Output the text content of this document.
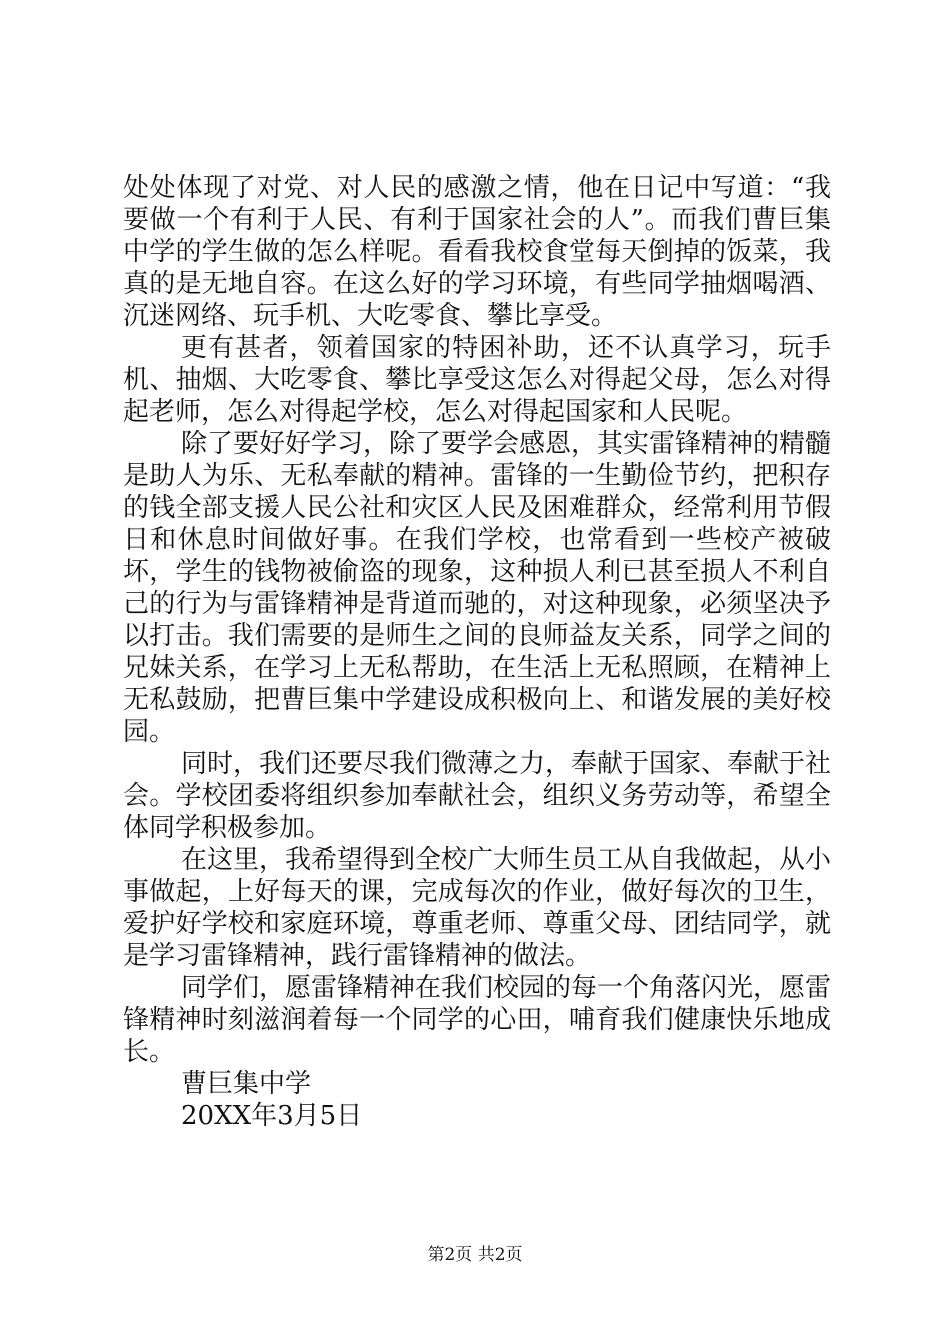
处处体现了对党、对人民的感激之情，他在日记中写道：“我要做一个有利于人民、有利于国家社会的人”。而我们曹巨集中学的学生做的怎么样呢。看看我校食堂每天倒掉的饭菜，我真的是无地自容。在这么好的学习环境，有些同学抽烟喝酒、沉迷网络、玩手机、大吃零食、攀比享受。

更有甚者，领着国家的特困补助，还不认真学习，玩手机、抽烟、大吃零食、攀比享受这怎么对得起父母，怎么对得起老师，怎么对得起学校，怎么对得起国家和人民呢。

除了要好好学习，除了要学会感恩，其实雷锋精神的精髓是助人为乐、无私奉献的精神。雷锋的一生勤俭节约，把积存的钱全部支援人民公社和灾区人民及困难群众，经常利用节假日和休息时间做好事。在我们学校，也常看到一些校产被破坏，学生的钱物被偷盗的现象，这种损人利已甚至损人不利自己的行为与雷锋精神是背道而驰的，对这种现象，必须坚决予以打击。我们需要的是师生之间的良师益友关系，同学之间的兄妹关系，在学习上无私帮助，在生活上无私照顾，在精神上无私鼓励，把曹巨集中学建设成积极向上、和谐发展的美好校园。

同时，我们还要尽我们微薄之力，奉献于国家、奉献于社会。学校团委将组织参加奉献社会，组织义务劳动等，希望全体同学积极参加。

在这里，我希望得到全校广大师生员工从自我做起，从小事做起，上好每天的课，完成每次的作业，做好每次的卫生，爱护好学校和家庭环境，尊重老师、尊重父母、团结同学，就是学习雷锋精神，践行雷锋精神的做法。

同学们，愿雷锋精神在我们校园的每一个角落闪光，愿雷锋精神时刻滋润着每一个同学的心田，哺育我们健康快乐地成长。

曹巨集中学

20XX年3月5日

第2页 共2页
